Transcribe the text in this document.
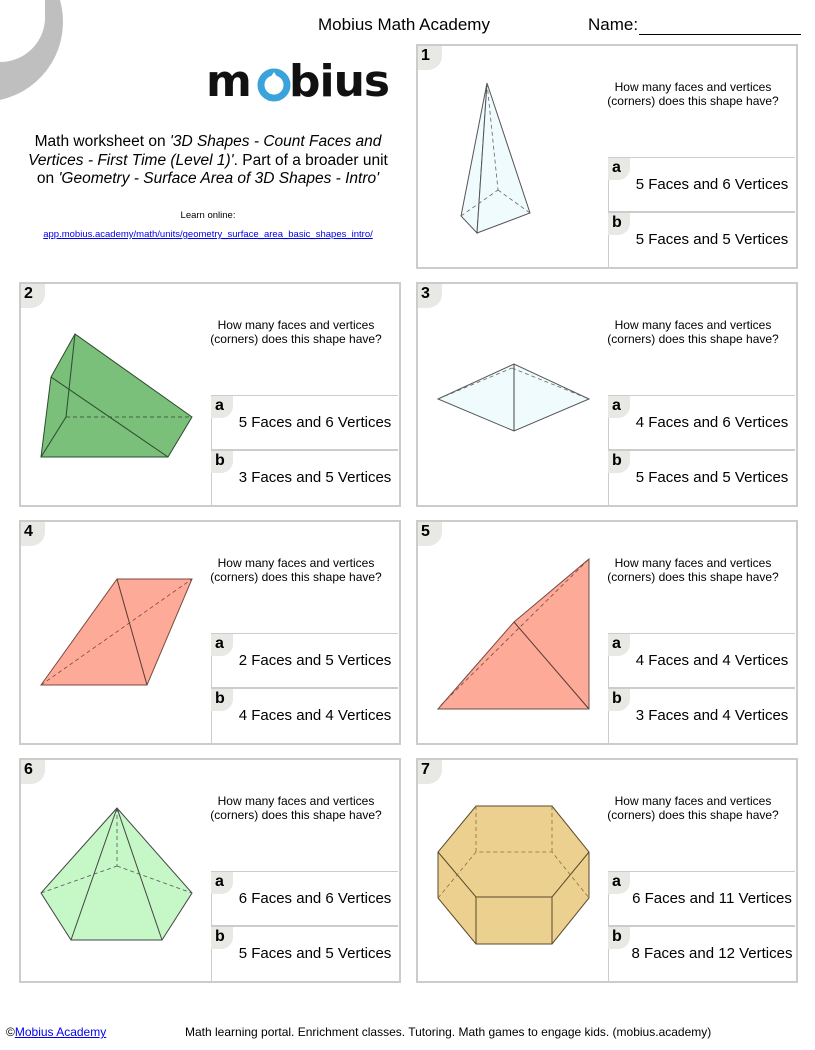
Mobius Math Academy	Name:
m bius
Math worksheet on '3D Shapes - Count Faces and Vertices - First Time (Level 1)'. Part of a broader unit on 'Geometry - Surface Area of 3D Shapes - Intro'
Learn online:
app.mobius.academy/math/units/geometry_surface_area_basic_shapes_intro/
1
How many faces and vertices (corners) does this shape have?
a
5 Faces and 6 Vertices
b
5 Faces and 5 Vertices
2
How many faces and vertices (corners) does this shape have?
a
5 Faces and 6 Vertices
b
3 Faces and 5 Vertices
3
How many faces and vertices (corners) does this shape have?
a
4 Faces and 6 Vertices
b
5 Faces and 5 Vertices
4
How many faces and vertices (corners) does this shape have?
a
2 Faces and 5 Vertices
b
4 Faces and 4 Vertices
5
How many faces and vertices (corners) does this shape have?
a
4 Faces and 4 Vertices
b
3 Faces and 4 Vertices
6
How many faces and vertices (corners) does this shape have?
a
6 Faces and 6 Vertices
b
5 Faces and 5 Vertices
7
How many faces and vertices (corners) does this shape have?
a
6 Faces and 11 Vertices
b
8 Faces and 12 Vertices
©Mobius Academy	Math learning portal. Enrichment classes. Tutoring. Math games to engage kids. (mobius.academy)
